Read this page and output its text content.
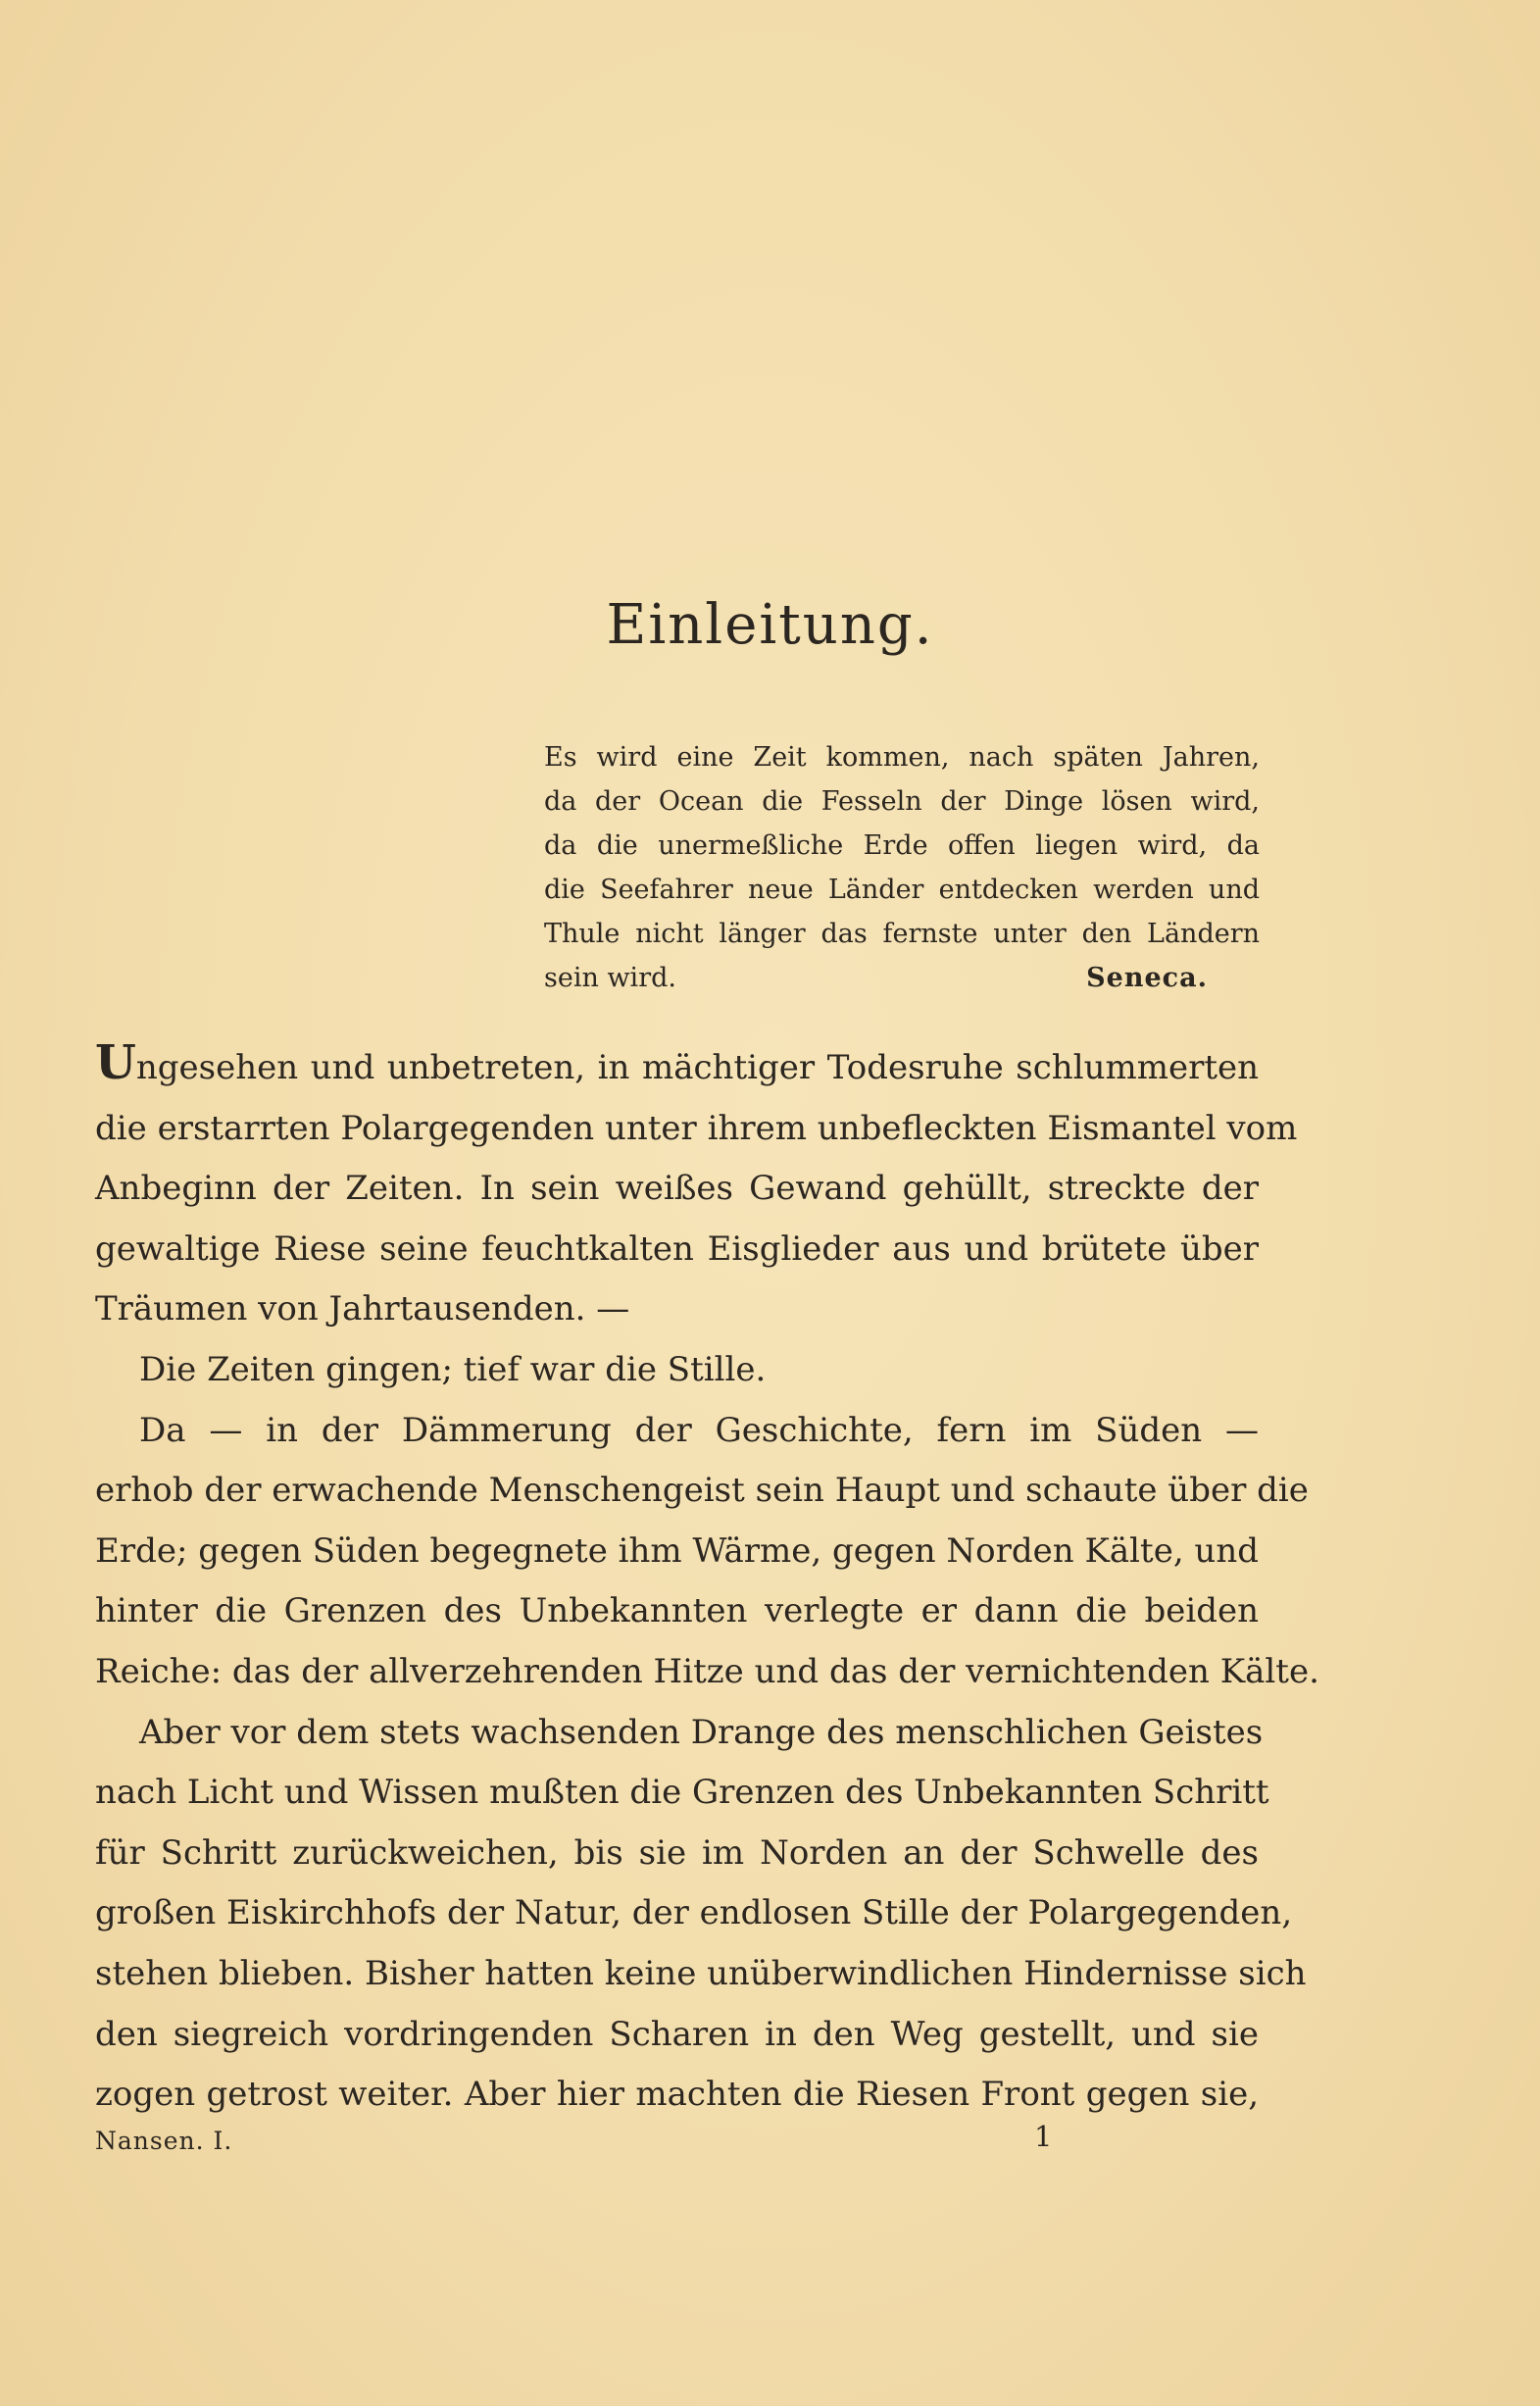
Einleitung.
Es wird eine Zeit kommen, nach späten Jahren,
da der Ocean die Fesseln der Dinge lösen wird,
da die unermeßliche Erde offen liegen wird, da
die Seefahrer neue Länder entdecken werden und
Thule nicht länger das fernste unter den Ländern
sein wird.	Seneca.
Ungesehen und unbetreten, in mächtiger Todesruhe schlummerten
die erstarrten Polargegenden unter ihrem unbefleckten Eismantel vom
Anbeginn der Zeiten. In sein weißes Gewand gehüllt, streckte der
gewaltige Riese seine feuchtkalten Eisglieder aus und brütete über
Träumen von Jahrtausenden. —
Die Zeiten gingen; tief war die Stille.
Da — in der Dämmerung der Geschichte, fern im Süden —
erhob der erwachende Menschengeist sein Haupt und schaute über die
Erde; gegen Süden begegnete ihm Wärme, gegen Norden Kälte, und
hinter die Grenzen des Unbekannten verlegte er dann die beiden
Reiche: das der allverzehrenden Hitze und das der vernichtenden Kälte.
Aber vor dem stets wachsenden Drange des menschlichen Geistes
nach Licht und Wissen mußten die Grenzen des Unbekannten Schritt
für Schritt zurückweichen, bis sie im Norden an der Schwelle des
großen Eiskirchhofs der Natur, der endlosen Stille der Polargegenden,
stehen blieben. Bisher hatten keine unüberwindlichen Hindernisse sich
den siegreich vordringenden Scharen in den Weg gestellt, und sie
zogen getrost weiter. Aber hier machten die Riesen Front gegen sie,
Nansen. I.	1
